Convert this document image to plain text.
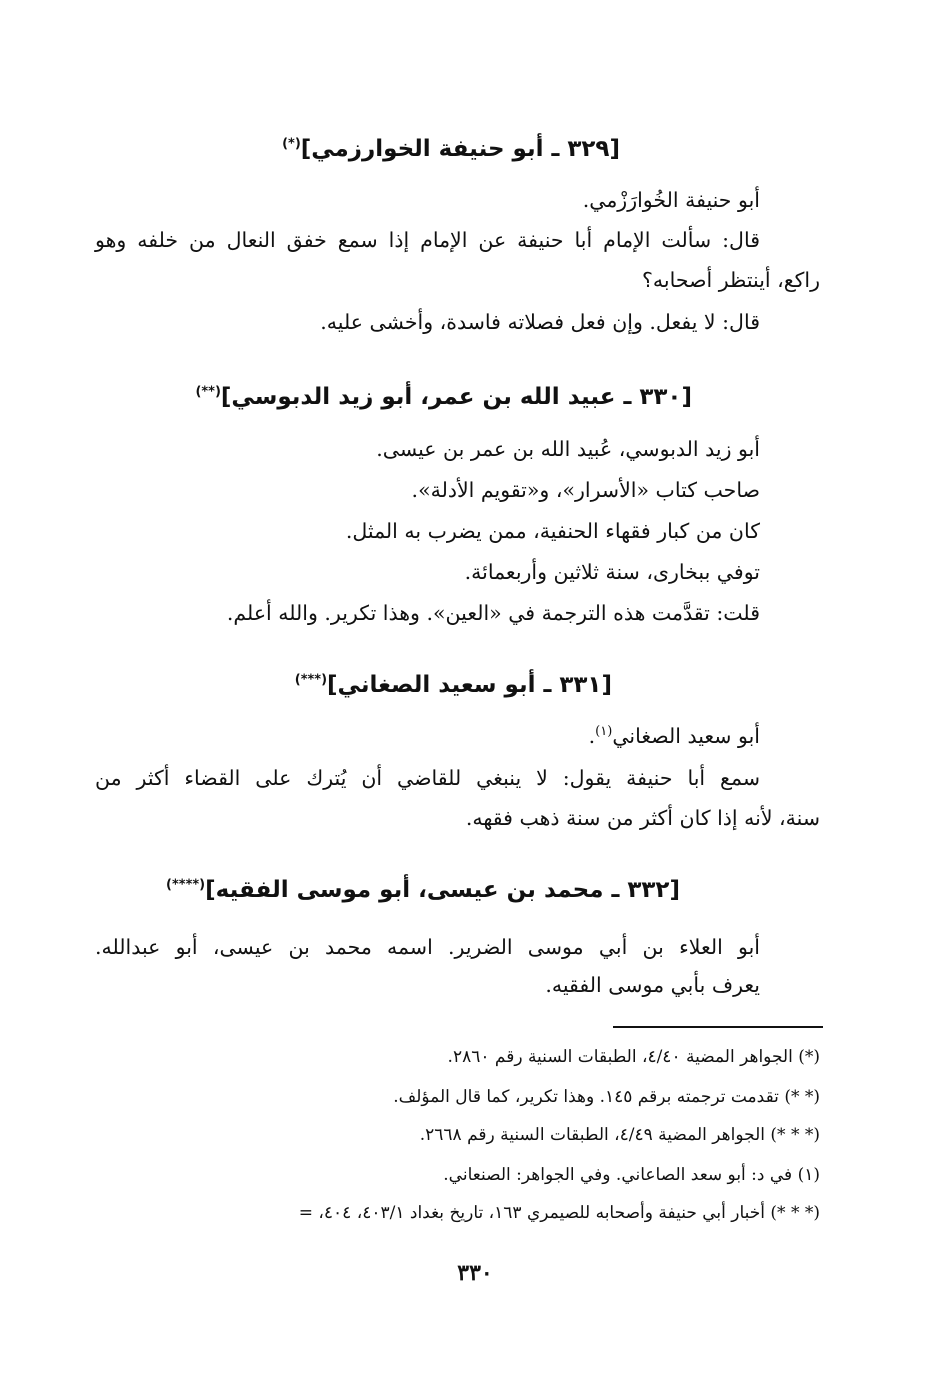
[٣٢٩ ـ أبو حنيفة الخوارزمي](*)
أبو حنيفة الخُوارَزْمي.
قال: سألت الإمام أبا حنيفة عن الإمام إذا سمع خفق النعال من خلفه وهو
راكع، أينتظر أصحابه؟
قال: لا يفعل. وإن فعل فصلاته فاسدة، وأخشى عليه.
[٣٣٠ ـ عبيد الله بن عمر، أبو زيد الدبوسي](**)
أبو زيد الدبوسي، عُبيد الله بن عمر بن عيسى.
صاحب كتاب «الأسرار»، و«تقويم الأدلة».
كان من كبار فقهاء الحنفية، ممن يضرب به المثل.
توفي ببخارى، سنة ثلاثين وأربعمائة.
قلت: تقدَّمت هذه الترجمة في «العين». وهذا تكرير. والله أعلم.
[٣٣١ ـ أبو سعيد الصغاني](***)
أبو سعيد الصغاني$^{(١)}$.
سمع أبا حنيفة يقول: لا ينبغي للقاضي أن يُترك على القضاء أكثر من
سنة، لأنه إذا كان أكثر من سنة ذهب فقهه.
[٣٣٢ ـ محمد بن عيسى، أبو موسى الفقيه](****)
أبو العلاء بن أبي موسى الضرير. اسمه محمد بن عيسى، أبو عبدالله.
يعرف بأبي موسى الفقيه.
(*) الجواهر المضية ٤/٤٠، الطبقات السنية رقم ٢٨٦٠.
(* *) تقدمت ترجمته برقم ١٤٥. وهذا تكرير، كما قال المؤلف.
(* * *) الجواهر المضية ٤/٤٩، الطبقات السنية رقم ٢٦٦٨.
(١) في د: أبو سعد الصاعاني. وفي الجواهر: الصنعاني.
(* * *) أخبار أبي حنيفة وأصحابه للصيمري ١٦٣، تاريخ بغداد ٤٠٣/١، ٤٠٤، =
٣٣٠
